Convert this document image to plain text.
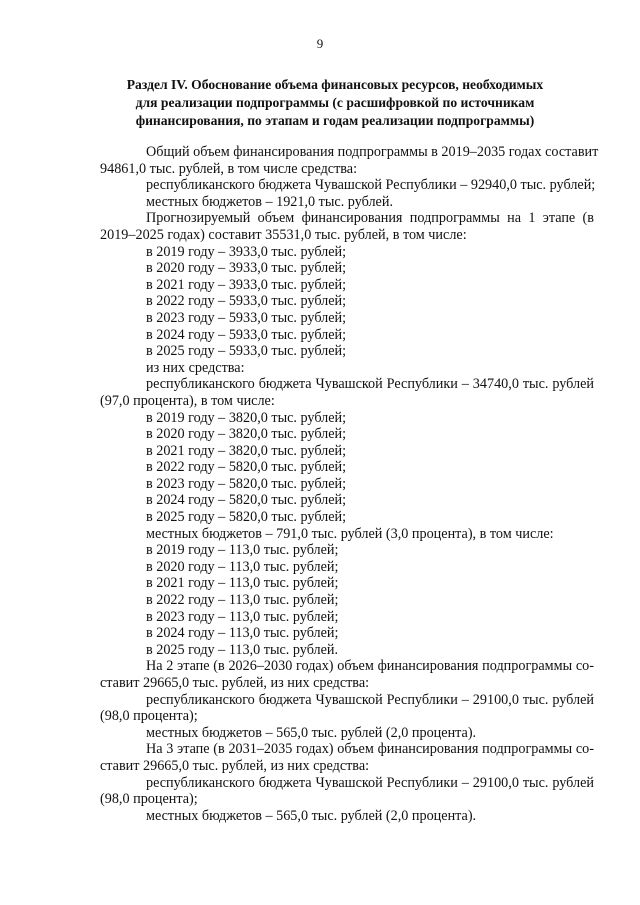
9
Раздел IV. Обоснование объема финансовых ресурсов, необходимых
для реализации подпрограммы (с расшифровкой по источникам
финансирования, по этапам и годам реализации подпрограммы)
Общий объем финансирования подпрограммы в 2019–2035 годах составит
94861,0 тыс. рублей, в том числе средства:
республиканского бюджета Чувашской Республики – 92940,0 тыс. рублей;
местных бюджетов – 1921,0 тыс. рублей.
Прогнозируемый объем финансирования подпрограммы на 1 этапе (в
2019–2025 годах) составит 35531,0 тыс. рублей, в том числе:
в 2019 году – 3933,0 тыс. рублей;
в 2020 году – 3933,0 тыс. рублей;
в 2021 году – 3933,0 тыс. рублей;
в 2022 году – 5933,0 тыс. рублей;
в 2023 году – 5933,0 тыс. рублей;
в 2024 году – 5933,0 тыс. рублей;
в 2025 году – 5933,0 тыс. рублей;
из них средства:
республиканского бюджета Чувашской Республики – 34740,0 тыс. рублей
(97,0 процента), в том числе:
в 2019 году – 3820,0 тыс. рублей;
в 2020 году – 3820,0 тыс. рублей;
в 2021 году – 3820,0 тыс. рублей;
в 2022 году – 5820,0 тыс. рублей;
в 2023 году – 5820,0 тыс. рублей;
в 2024 году – 5820,0 тыс. рублей;
в 2025 году – 5820,0 тыс. рублей;
местных бюджетов – 791,0 тыс. рублей (3,0 процента), в том числе:
в 2019 году – 113,0 тыс. рублей;
в 2020 году – 113,0 тыс. рублей;
в 2021 году – 113,0 тыс. рублей;
в 2022 году – 113,0 тыс. рублей;
в 2023 году – 113,0 тыс. рублей;
в 2024 году – 113,0 тыс. рублей;
в 2025 году – 113,0 тыс. рублей.
На 2 этапе (в 2026–2030 годах) объем финансирования подпрограммы со-
ставит 29665,0 тыс. рублей, из них средства:
республиканского бюджета Чувашской Республики – 29100,0 тыс. рублей
(98,0 процента);
местных бюджетов – 565,0 тыс. рублей (2,0 процента).
На 3 этапе (в 2031–2035 годах) объем финансирования подпрограммы со-
ставит 29665,0 тыс. рублей, из них средства:
республиканского бюджета Чувашской Республики – 29100,0 тыс. рублей
(98,0 процента);
местных бюджетов – 565,0 тыс. рублей (2,0 процента).
